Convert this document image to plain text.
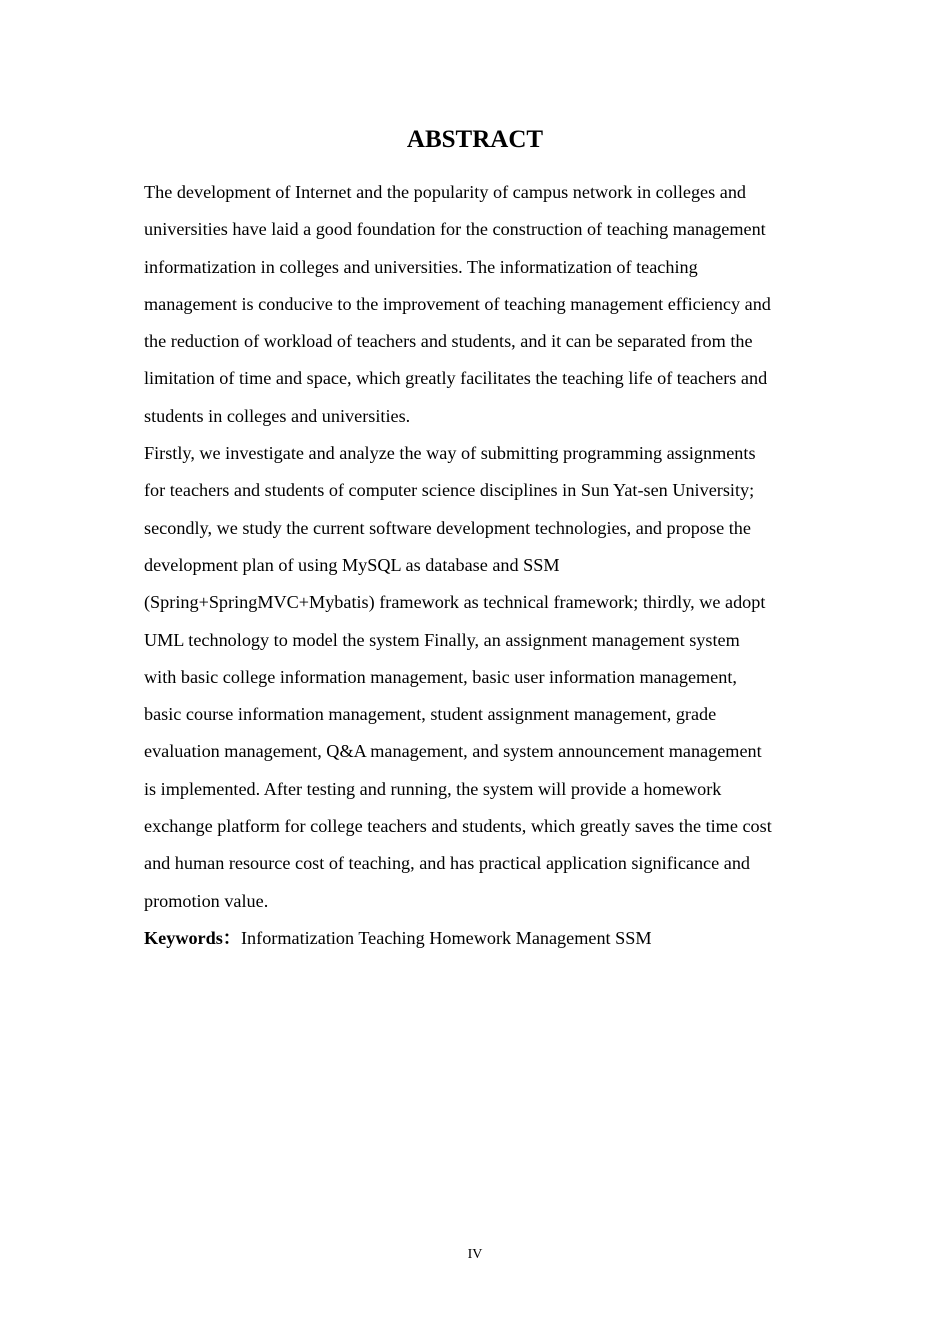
ABSTRACT
The development of Internet and the popularity of campus network in colleges and
universities have laid a good foundation for the construction of teaching management
informatization in colleges and universities. The informatization of teaching
management is conducive to the improvement of teaching management efficiency and
the reduction of workload of teachers and students, and it can be separated from the
limitation of time and space, which greatly facilitates the teaching life of teachers and
students in colleges and universities.
Firstly, we investigate and analyze the way of submitting programming assignments
for teachers and students of computer science disciplines in Sun Yat-sen University;
secondly, we study the current software development technologies, and propose the
development plan of using MySQL as database and SSM
(Spring+SpringMVC+Mybatis) framework as technical framework; thirdly, we adopt
UML technology to model the system Finally, an assignment management system
with basic college information management, basic user information management,
basic course information management, student assignment management, grade
evaluation management, Q&A management, and system announcement management
is implemented. After testing and running, the system will provide a homework
exchange platform for college teachers and students, which greatly saves the time cost
and human resource cost of teaching, and has practical application significance and
promotion value.
Keywords：Informatization Teaching Homework Management SSM
IV
